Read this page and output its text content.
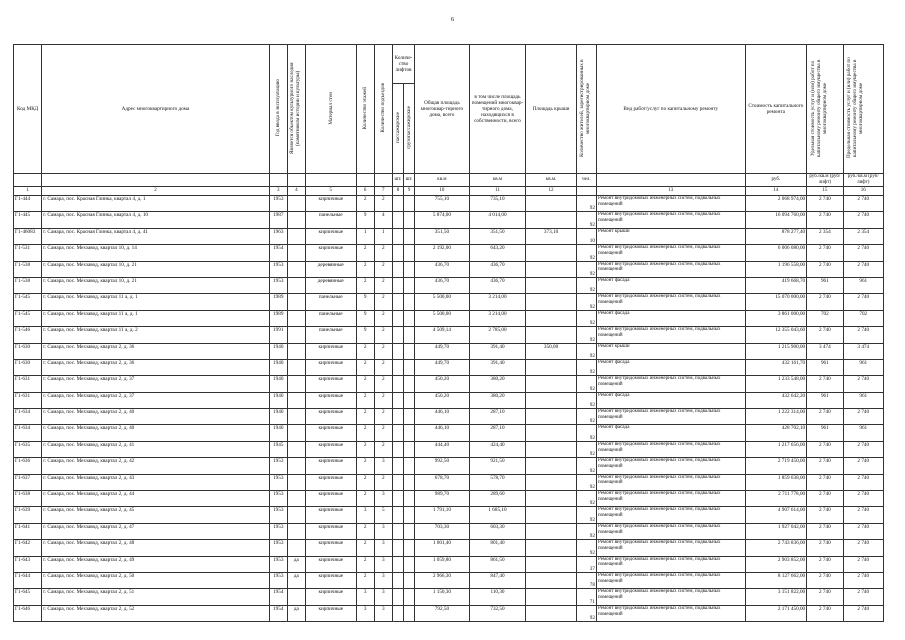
6
Код МКД	Адрес многоквартирного дома	Год ввода в эксплуатацию	Является объектом культурного наследия (памятником истории и культуры)	Материал стен	Количество этажей	Количество подъездов	Количе-ство лифтов		Общая площадь многоквар-тирного дома, всего	в том числе площадь помещений многоквар-тирного дома, находящихся в собственности, всего	Площадь крыши	Количество жителей, зарегистрированных в многоквартирном доме	Вид работ/услуг по капитальному ремонту	Стоимость капитального ремонта	Удельная стоимость услуг и (или) работ по капитальному ремонту общего имущества в многоквартирном доме	Предельная стоимость услуг и (или) работ по капитальному ремонту общего имущества в многоквартирном доме
							пассажирские	грузопассажирские								
							шт.	шт.	кв.м	кв.м	кв.м.	чел.		руб.	руб./кв.м (руб/лифт)	руб./кв.м (руб/лифт)
1	2	3	4	5	6	7	8	9	10	11	12		13	14	15	16
Г1-444	г. Самара, пос. Красная Глинка, квартал 4, д. 1	1953		кирпичные	2	2			755,10	735,10		92	Ремонт внутридомовых инженерных систем, подвальных помещений	2 068 974,00	2 740	2 740
Г1-445	г. Самара, пос. Красная Глинка, квартал 4, д. 10	1987		панельные	9	4			5 874,00	4 014,00		92	Ремонт внутридомовых инженерных систем, подвальных помещений	16 094 760,00	2 740	2 740
Г1-46083	г. Самара, пос. Красная Глинка, квартал 4, д. 41	1963		кирпичные	1	1			351,50	351,50	373,10	10	Ремонт крыши	878 277,40	2 354	2 354
Г1-531	г. Самара, пос. Мехзавод, квартал 10, д. 14	1954		кирпичные	2	2			2 192,00	643,20		92	Ремонт внутридомовых инженерных систем, подвальных помещений	6 006 080,00	2 740	2 740
Г1-538	г. Самара, пос. Мехзавод, квартал 10, д. 21	1953		деревянные	2	2			436,70	436,70		92	Ремонт внутридомовых инженерных систем, подвальных помещений	1 196 558,00	2 740	2 740
Г1-538	г. Самара, пос. Мехзавод, квартал 10, д. 21	1953		деревянные	2	2			436,70	436,70		92	Ремонт фасада	419 668,70	961	961
Г1-545	г. Самара, пос. Мехзавод, квартал 11 а, д. 1	1989		панельные	9	2			5 500,00	3 214,00		92	Ремонт внутридомовых инженерных систем, подвальных помещений	15 070 000,00	2 740	2 740
Г1-545	г. Самара, пос. Мехзавод, квартал 11 а, д. 1	1989		панельные	9	2			5 500,00	3 214,00		92	Ремонт фасада	3 861 000,00	702	702
Г1-546	г. Самара, пос. Мехзавод, квартал 11 а, д. 2	1991		панельные	9	2			4 509,14	2 785,00		92	Ремонт внутридомовых инженерных систем, подвальных помещений	12 355 043,60	2 740	2 740
Г1-630	г. Самара, пос. Мехзавод, квартал 2, д. 36	1940		кирпичные	2	2			449,70	391,40	350,00	92	Ремонт крыши	1 215 900,00	3 474	3 474
Г1-630	г. Самара, пос. Мехзавод, квартал 2, д. 36	1940		кирпичные	2	2			449,70	391,40		92	Ремонт фасада	432 161,70	961	961
Г1-631	г. Самара, пос. Мехзавод, квартал 2, д. 37	1940		кирпичные	2	2			450,20	380,20		92	Ремонт внутридомовых инженерных систем, подвальных помещений	1 233 548,00	2 740	2 740
Г1-631	г. Самара, пос. Мехзавод, квартал 2, д. 37	1940		кирпичные	2	2			450,20	380,20		92	Ремонт фасада	432 642,20	961	961
Г1-634	г. Самара, пос. Мехзавод, квартал 2, д. 40	1940		кирпичные	2	2			446,10	287,10		92	Ремонт внутридомовых инженерных систем, подвальных помещений	1 222 314,00	2 740	2 740
Г1-634	г. Самара, пос. Мехзавод, квартал 2, д. 40	1940		кирпичные	2	2			446,10	287,10		92	Ремонт фасада	428 702,10	961	961
Г1-635	г. Самара, пос. Мехзавод, квартал 2, д. 41	1945		кирпичные	2	2			444,40	424,40		92	Ремонт внутридомовых инженерных систем, подвальных помещений	1 217 656,00	2 740	2 740
Г1-636	г. Самара, пос. Мехзавод, квартал 2, д. 42	1953		кирпичные	2	3			992,50	921,50		92	Ремонт внутридомовых инженерных систем, подвальных помещений	2 719 450,00	2 740	2 740
Г1-637	г. Самара, пос. Мехзавод, квартал 2, д. 43	1953		кирпичные	2	2			678,70	578,70		92	Ремонт внутридомовых инженерных систем, подвальных помещений	1 859 638,00	2 740	2 740
Г1-638	г. Самара, пос. Мехзавод, квартал 2, д. 44	1953		кирпичные	2	3			989,70	289,60		92	Ремонт внутридомовых инженерных систем, подвальных помещений	2 711 778,00	2 740	2 740
Г1-639	г. Самара, пос. Мехзавод, квартал 2, д. 45	1953		кирпичные	3	5			1 791,10	1 685,10		92	Ремонт внутридомовых инженерных систем, подвальных помещений	4 907 614,00	2 740	2 740
Г1-641	г. Самара, пос. Мехзавод, квартал 2, д. 47	1953		кирпичные	2	3			703,30	603,30		92	Ремонт внутридомовых инженерных систем, подвальных помещений	1 927 042,00	2 740	2 740
Г1-642	г. Самара, пос. Мехзавод, квартал 2, д. 48	1953		кирпичные	2	3			1 001,40	801,40		92	Ремонт внутридомовых инженерных систем, подвальных помещений	2 743 836,00	2 740	2 740
Г1-643	г. Самара, пос. Мехзавод, квартал 2, д. 49	1953	да	кирпичные	2	3			1 059,80	861,50		37	Ремонт внутридомовых инженерных систем, подвальных помещений	2 903 852,00	2 740	2 740
Г1-644	г. Самара, пос. Мехзавод, квартал 2, д. 50	1953	да	кирпичные	2	3			2 966,30	847,40		78	Ремонт внутридомовых инженерных систем, подвальных помещений	8 127 662,00	2 740	2 740
Г1-645	г. Самара, пос. Мехзавод, квартал 2, д. 51	1954		кирпичные	3	3			1 150,30	110,30		71	Ремонт внутридомовых инженерных систем, подвальных помещений	3 151 822,00	2 740	2 740
Г1-646	г. Самара, пос. Мехзавод, квартал 2, д. 52	1954	да	кирпичные	3	3			792,50	732,50		92	Ремонт внутридомовых инженерных систем, подвальных помещений	2 171 450,00	2 740	2 740
